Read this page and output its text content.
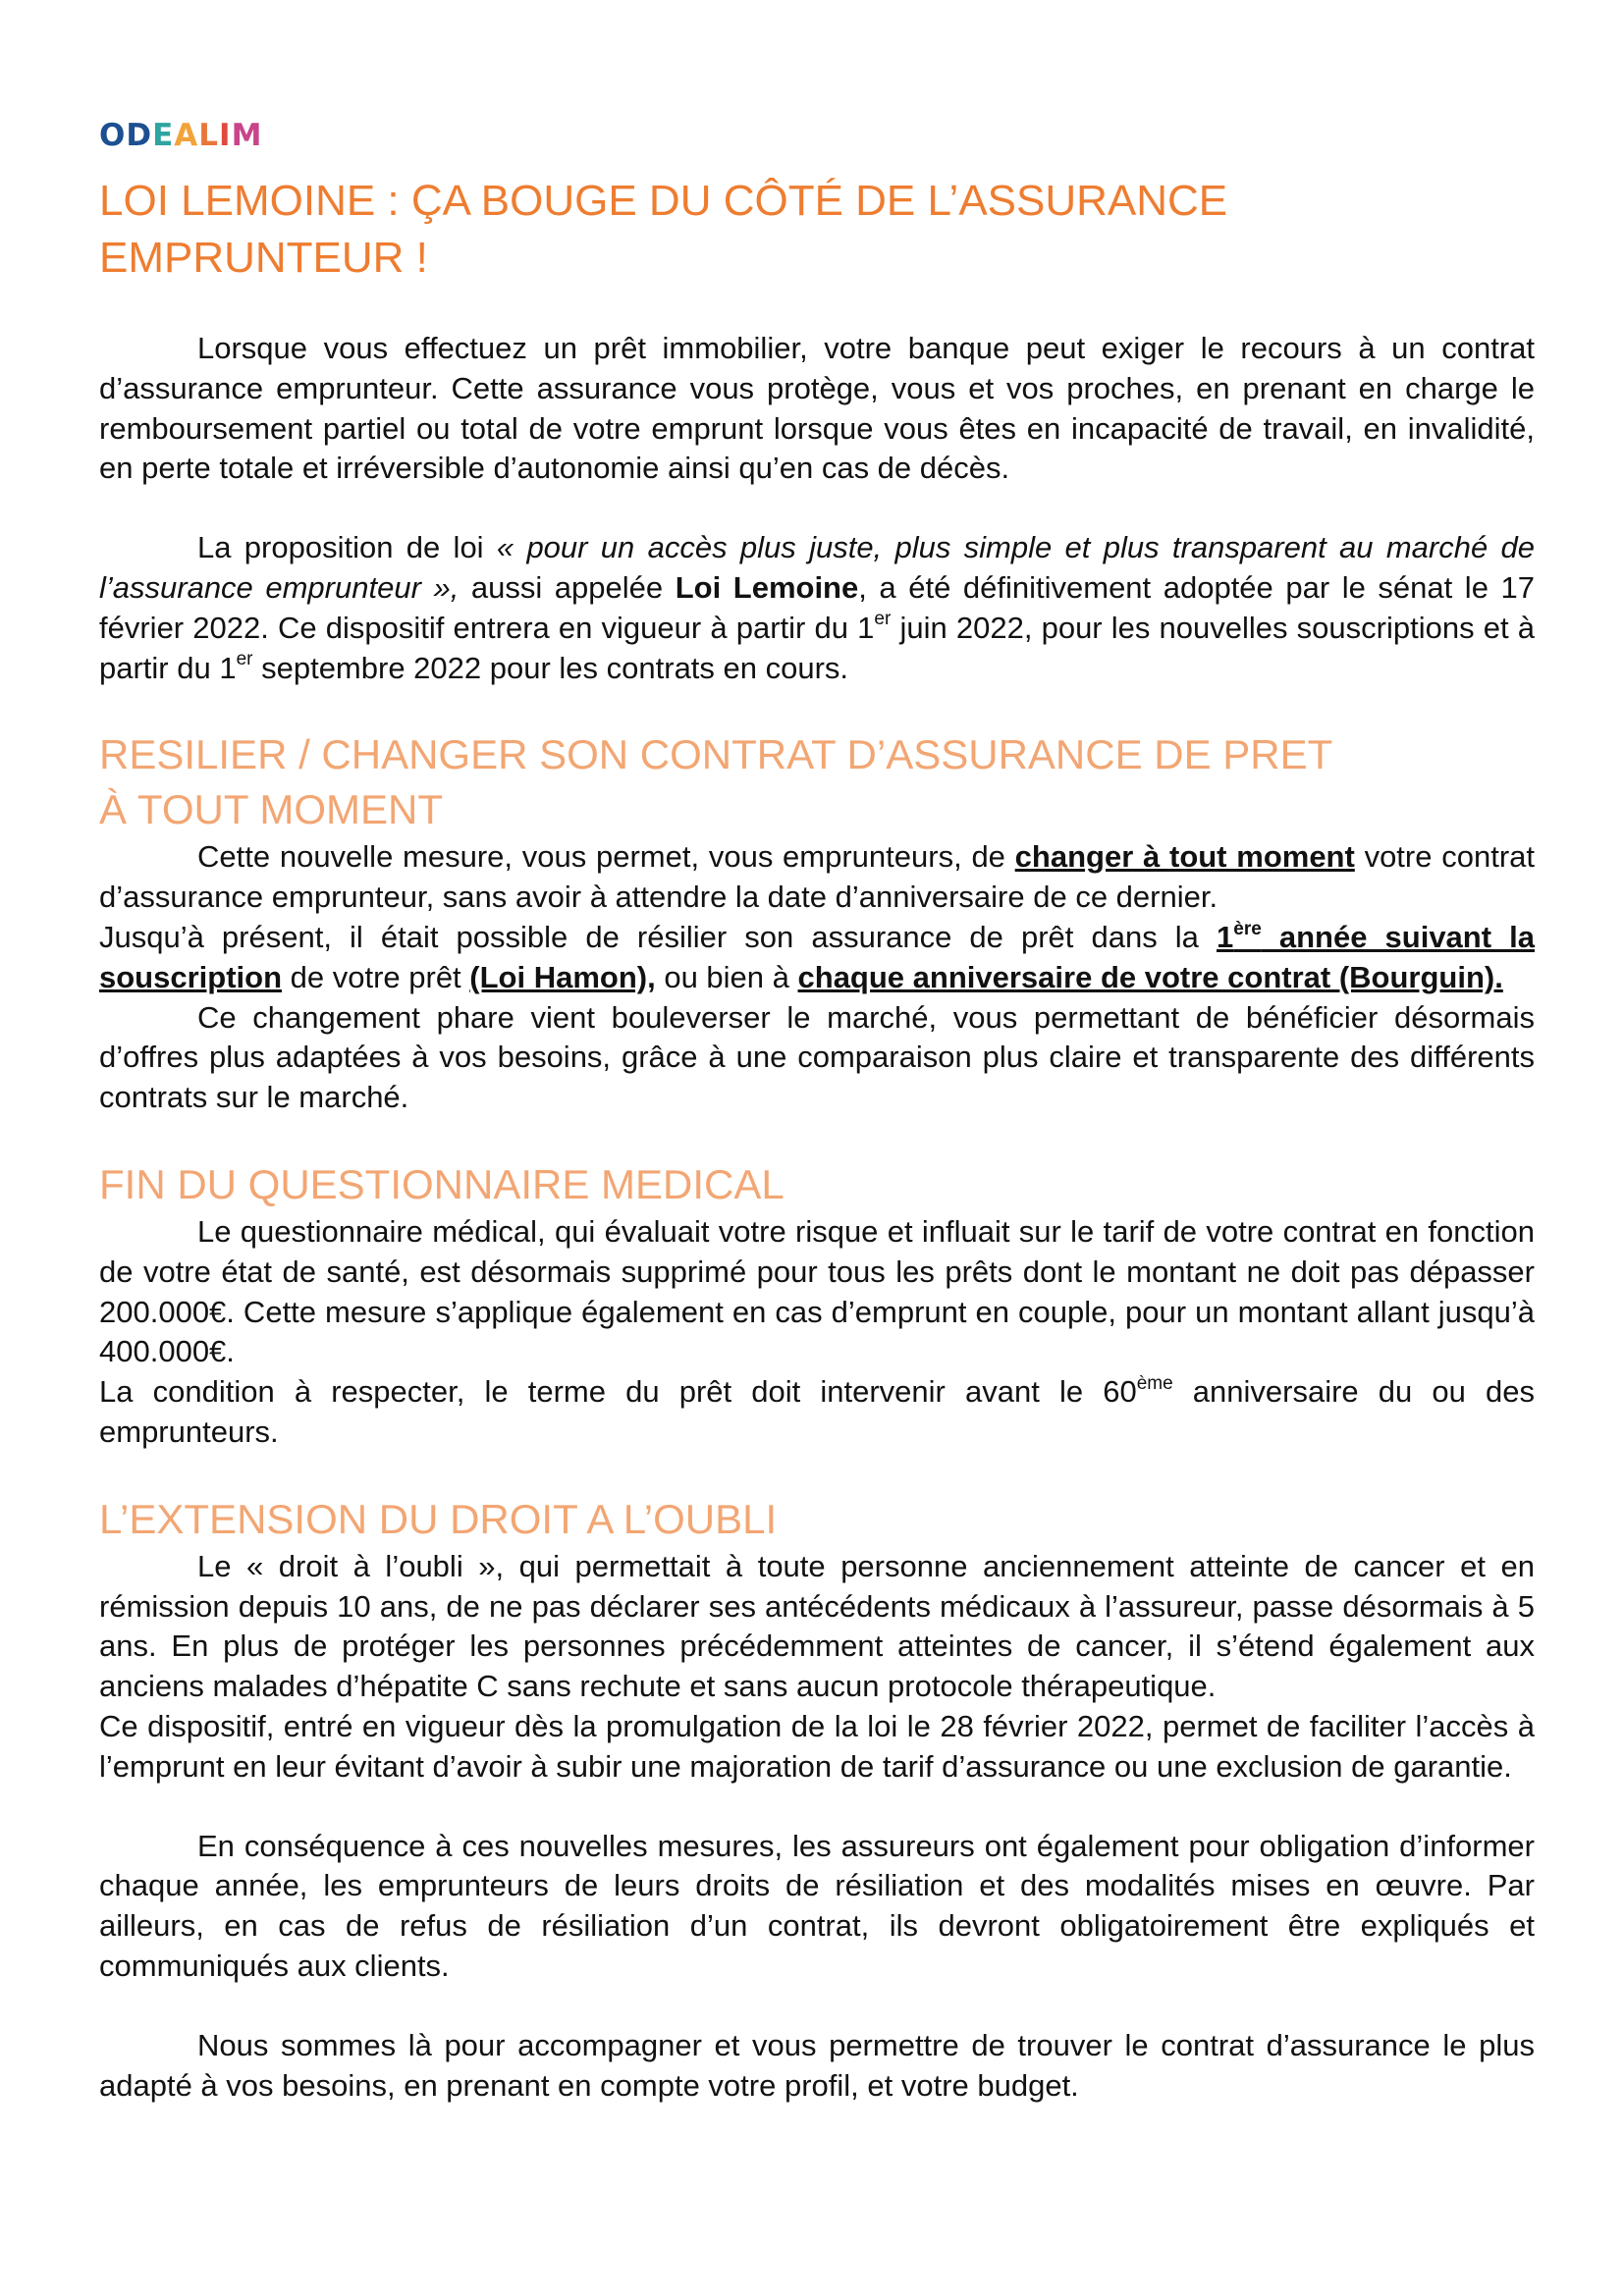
O D E A L I M
LOI LEMOINE : ÇA BOUGE DU CÔTÉ DE L’ASSURANCE
EMPRUNTEUR !

Lorsque vous effectuez un prêt immobilier, votre banque peut exiger le recours à un contrat d’assurance emprunteur. Cette assurance vous protège, vous et vos proches, en prenant en charge le remboursement partiel ou total de votre emprunt lorsque vous êtes en incapacité de travail, en invalidité, en perte totale et irréversible d’autonomie ainsi qu’en cas de décès.

La proposition de loi « pour un accès plus juste, plus simple et plus transparent au marché de l’assurance emprunteur », aussi appelée Loi Lemoine, a été définitivement adoptée par le sénat le 17 février 2022. Ce dispositif entrera en vigueur à partir du 1er juin 2022, pour les nouvelles souscriptions et à partir du 1er septembre 2022 pour les contrats en cours.

RESILIER / CHANGER SON CONTRAT D’ASSURANCE DE PRET
À TOUT MOMENT

Cette nouvelle mesure, vous permet, vous emprunteurs, de changer à tout moment votre contrat d’assurance emprunteur, sans avoir à attendre la date d’anniversaire de ce dernier.

Jusqu’à présent, il était possible de résilier son assurance de prêt dans la 1ère année suivant la souscription de votre prêt (Loi Hamon), ou bien à chaque anniversaire de votre contrat (Bourguin).

Ce changement phare vient bouleverser le marché, vous permettant de bénéficier désormais d’offres plus adaptées à vos besoins, grâce à une comparaison plus claire et transparente des différents contrats sur le marché.

FIN DU QUESTIONNAIRE MEDICAL

Le questionnaire médical, qui évaluait votre risque et influait sur le tarif de votre contrat en fonction de votre état de santé, est désormais supprimé pour tous les prêts dont le montant ne doit pas dépasser 200.000€. Cette mesure s’applique également en cas d’emprunt en couple, pour un montant allant jusqu’à 400.000€.

La condition à respecter, le terme du prêt doit intervenir avant le 60ème anniversaire du ou des emprunteurs.

L’EXTENSION DU DROIT A L’OUBLI

Le « droit à l’oubli », qui permettait à toute personne anciennement atteinte de cancer et en rémission depuis 10 ans, de ne pas déclarer ses antécédents médicaux à l’assureur, passe désormais à 5 ans. En plus de protéger les personnes précédemment atteintes de cancer, il s’étend également aux anciens malades d’hépatite C sans rechute et sans aucun protocole thérapeutique.

Ce dispositif, entré en vigueur dès la promulgation de la loi le 28 février 2022, permet de faciliter l’accès à l’emprunt en leur évitant d’avoir à subir une majoration de tarif d’assurance ou une exclusion de garantie.

En conséquence à ces nouvelles mesures, les assureurs ont également pour obligation d’informer chaque année, les emprunteurs de leurs droits de résiliation et des modalités mises en œuvre. Par ailleurs, en cas de refus de résiliation d’un contrat, ils devront obligatoirement être expliqués et communiqués aux clients.

Nous sommes là pour accompagner et vous permettre de trouver le contrat d’assurance le plus adapté à vos besoins, en prenant en compte votre profil, et votre budget.
